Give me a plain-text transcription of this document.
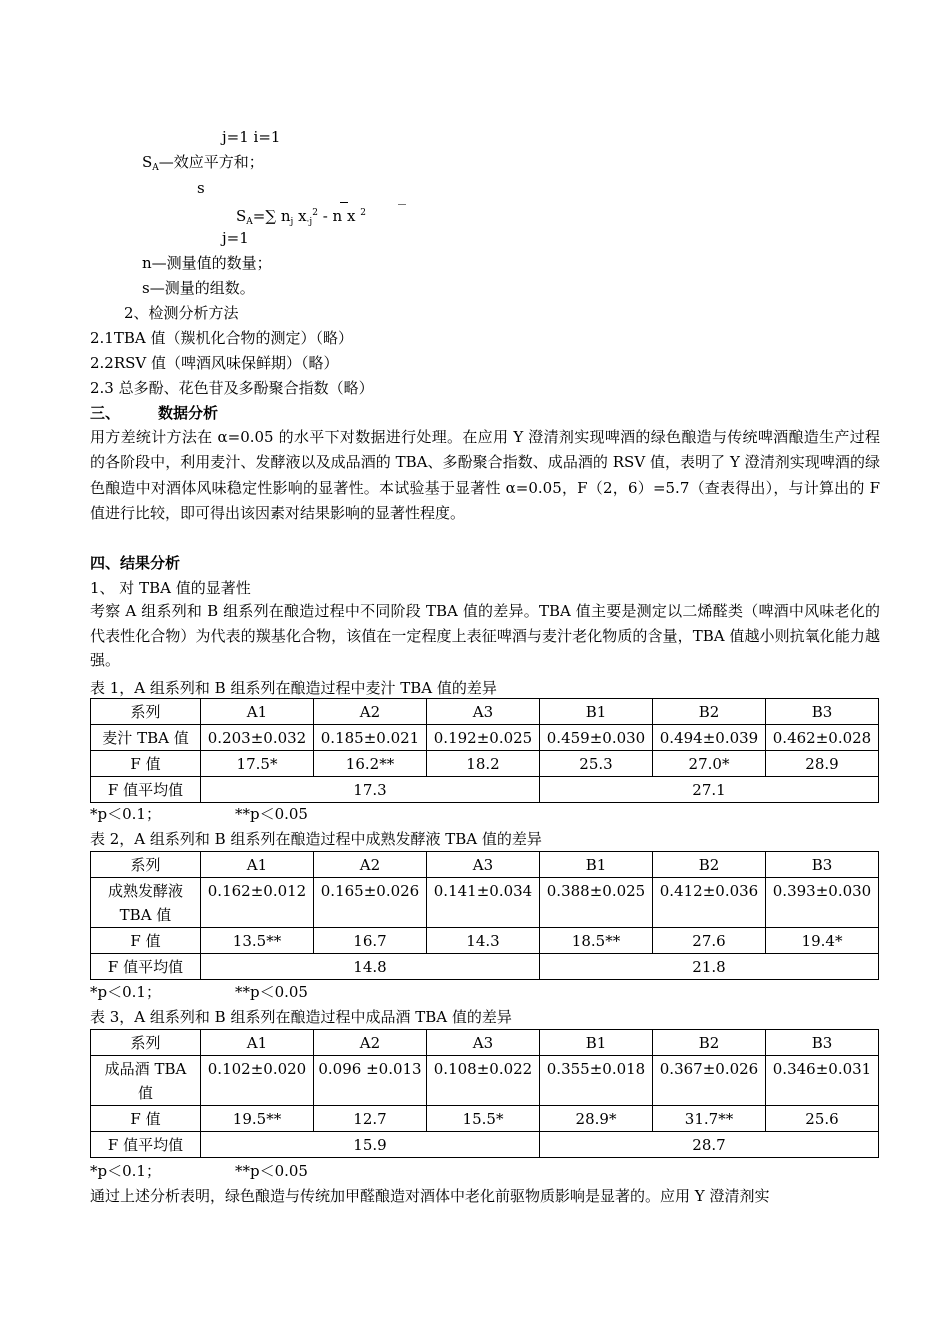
j=1 i=1
$S_A—$效应平方和；
s
$S_A=\sum$ $n_j$ $x_{\cdot j}^2$ - n x $^2$
j=1
n—测量值的数量；
s—测量的组数。
2、检测分析方法
2.1TBA 值（羰机化合物的测定）（略）
2.2RSV 值（啤酒风味保鲜期）（略）
2.3 总多酚、花色苷及多酚聚合指数（略）
三、	数据分析
用方差统计方法在 α=0.05 的水平下对数据进行处理。在应用 Y 澄清剂实现啤酒的绿色酿造与传统啤酒酿造生产过程的各阶段中，利用麦汁、发酵液以及成品酒的 TBA、多酚聚合指数、成品酒的 RSV 值，表明了 Y 澄清剂实现啤酒的绿色酿造中对酒体风味稳定性影响的显著性。本试验基于显著性 α=0.05，F（2，6）=5.7（查表得出），与计算出的 F 值进行比较，即可得出该因素对结果影响的显著性程度。
四、结果分析
1、 对 TBA 值的显著性
考察 A 组系列和 B 组系列在酿造过程中不同阶段 TBA 值的差异。TBA 值主要是测定以二烯醛类（啤酒中风味老化的代表性化合物）为代表的羰基化合物，该值在一定程度上表征啤酒与麦汁老化物质的含量，TBA 值越小则抗氧化能力越强。
表 1，A 组系列和 B 组系列在酿造过程中麦汁 TBA 值的差异
系列	A1	A2	A3	B1	B2	B3
麦汁 TBA 值	0.203±0.032	0.185±0.021	0.192±0.025	0.459±0.030	0.494±0.039	0.462±0.028
F 值	17.5*	16.2**	18.2	25.3	27.0*	28.9
F 值平均值	17.3			27.1		
*p＜0.1；	**p＜0.05
表 2，A 组系列和 B 组系列在酿造过程中成熟发酵液 TBA 值的差异
系列	A1	A2	A3	B1	B2	B3
成熟发酵液 TBA 值	0.162±0.012	0.165±0.026	0.141±0.034	0.388±0.025	0.412±0.036	0.393±0.030
F 值	13.5**	16.7	14.3	18.5**	27.6	19.4*
F 值平均值	14.8			21.8		
*p＜0.1；	**p＜0.05
表 3，A 组系列和 B 组系列在酿造过程中成品酒 TBA 值的差异
系列	A1	A2	A3	B1	B2	B3
成品酒 TBA 值	0.102±0.020	0.096 ±0.013	0.108±0.022	0.355±0.018	0.367±0.026	0.346±0.031
F 值	19.5**	12.7	15.5*	28.9*	31.7**	25.6
F 值平均值	15.9			28.7		
*p＜0.1；	**p＜0.05
通过上述分析表明，绿色酿造与传统加甲醛酿造对酒体中老化前驱物质影响是显著的。应用 Y 澄清剂实
